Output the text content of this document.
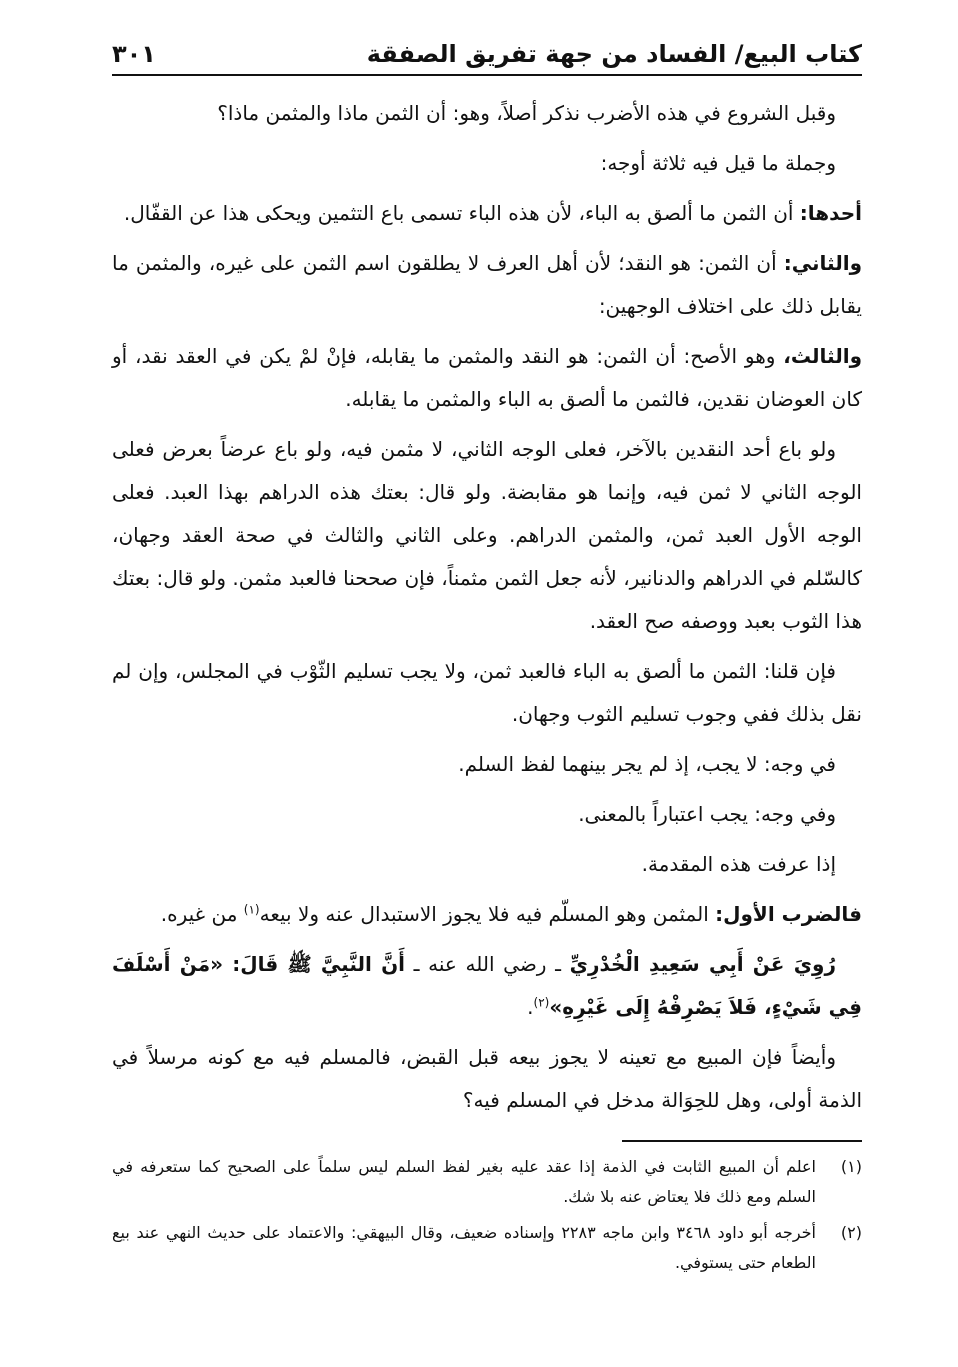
كتاب البيع/ الفساد من جهة تفريق الصفقة
٣٠١

وقبل الشروع في هذه الأضرب نذكر أصلاً، وهو: أن الثمن ماذا والمثمن ماذا؟

وجملة ما قيل فيه ثلاثة أوجه:

أحدها: أن الثمن ما ألصق به الباء، لأن هذه الباء تسمى باع التثمين ويحكى هذا عن القفّال.

والثاني: أن الثمن: هو النقد؛ لأن أهل العرف لا يطلقون اسم الثمن على غيره، والمثمن ما يقابل ذلك على اختلاف الوجهين:

والثالث، وهو الأصح: أن الثمن: هو النقد والمثمن ما يقابله، فإنْ لمْ يكن في العقد نقد، أو كان العوضان نقدين، فالثمن ما ألصق به الباء والمثمن ما يقابله.

ولو باع أحد النقدين بالآخر، فعلى الوجه الثاني، لا مثمن فيه، ولو باع عرضاً بعرض فعلى الوجه الثاني لا ثمن فيه، وإنما هو مقابضة. ولو قال: بعتك هذه الدراهم بهذا العبد. فعلى الوجه الأول العبد ثمن، والمثمن الدراهم. وعلى الثاني والثالث في صحة العقد وجهان، كالسّلم في الدراهم والدنانير، لأنه جعل الثمن مثمناً، فإن صححنا فالعبد مثمن. ولو قال: بعتك هذا الثوب بعبد ووصفه صح العقد.

فإن قلنا: الثمن ما ألصق به الباء فالعبد ثمن، ولا يجب تسليم الثّوْب في المجلس، وإن لم نقل بذلك ففي وجوب تسليم الثوب وجهان.

في وجه: لا يجب، إذ لم يجر بينهما لفظ السلم.

وفي وجه: يجب اعتباراً بالمعنى.

إذا عرفت هذه المقدمة.

فالضرب الأول: المثمن وهو المسلّم فيه فلا يجوز الاستبدال عنه ولا بيعه$^{(١)}$ من غيره.

رُوِيَ عَنْ أَبِي سَعِيدِ الْخُدْرِيِّ ـ رضي الله عنه ـ أَنَّ النَّبِيَّ ﷺ قَالَ: «مَنْ أَسْلَفَ فِي شَيْءٍ، فَلاَ يَصْرِفْهُ إِلَى غَيْرِهِ»$^{(٢)}$.

وأيضاً فإن المبيع مع تعينه لا يجوز بيعه قبل القبض، فالمسلم فيه مع كونه مرسلاً في الذمة أولى، وهل للحِوَالة مدخل في المسلم فيه؟

(١)
اعلم أن المبيع الثابت في الذمة إذا عقد عليه بغير لفظ السلم ليس سلماً على الصحيح كما ستعرفه في السلم ومع ذلك فلا يعتاض عنه بلا شك.
(٢)
أخرجه أبو داود ٣٤٦٨ وابن ماجه ٢٢٨٣ وإسناده ضعيف، وقال البيهقي: والاعتماد على حديث النهي عند بيع الطعام حتى يستوفي.
